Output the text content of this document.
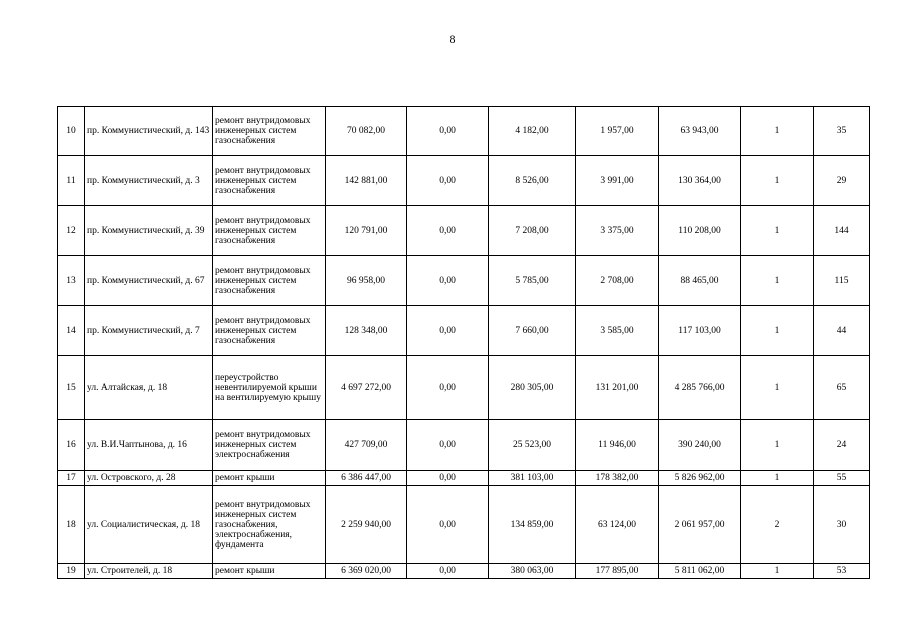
8
10	пр. Коммунистический, д. 143	ремонт внутридомовых инженерных систем газоснабжения	70 082,00	0,00	4 182,00	1 957,00	63 943,00	1	35
11	пр. Коммунистический, д. 3	ремонт внутридомовых инженерных систем газоснабжения	142 881,00	0,00	8 526,00	3 991,00	130 364,00	1	29
12	пр. Коммунистический, д. 39	ремонт внутридомовых инженерных систем газоснабжения	120 791,00	0,00	7 208,00	3 375,00	110 208,00	1	144
13	пр. Коммунистический, д. 67	ремонт внутридомовых инженерных систем газоснабжения	96 958,00	0,00	5 785,00	2 708,00	88 465,00	1	115
14	пр. Коммунистический, д. 7	ремонт внутридомовых инженерных систем газоснабжения	128 348,00	0,00	7 660,00	3 585,00	117 103,00	1	44
15	ул. Алтайская, д. 18	переустройство невентилируемой крыши на вентилируемую крышу	4 697 272,00	0,00	280 305,00	131 201,00	4 285 766,00	1	65
16	ул. В.И.Чаптынова, д. 16	ремонт внутридомовых инженерных систем электроснабжения	427 709,00	0,00	25 523,00	11 946,00	390 240,00	1	24
17	ул. Островского, д. 28	ремонт крыши	6 386 447,00	0,00	381 103,00	178 382,00	5 826 962,00	1	55
18	ул. Социалистическая, д. 18	ремонт внутридомовых инженерных систем газоснабжения, электроснабжения, фундамента	2 259 940,00	0,00	134 859,00	63 124,00	2 061 957,00	2	30
19	ул. Строителей, д. 18	ремонт крыши	6 369 020,00	0,00	380 063,00	177 895,00	5 811 062,00	1	53
